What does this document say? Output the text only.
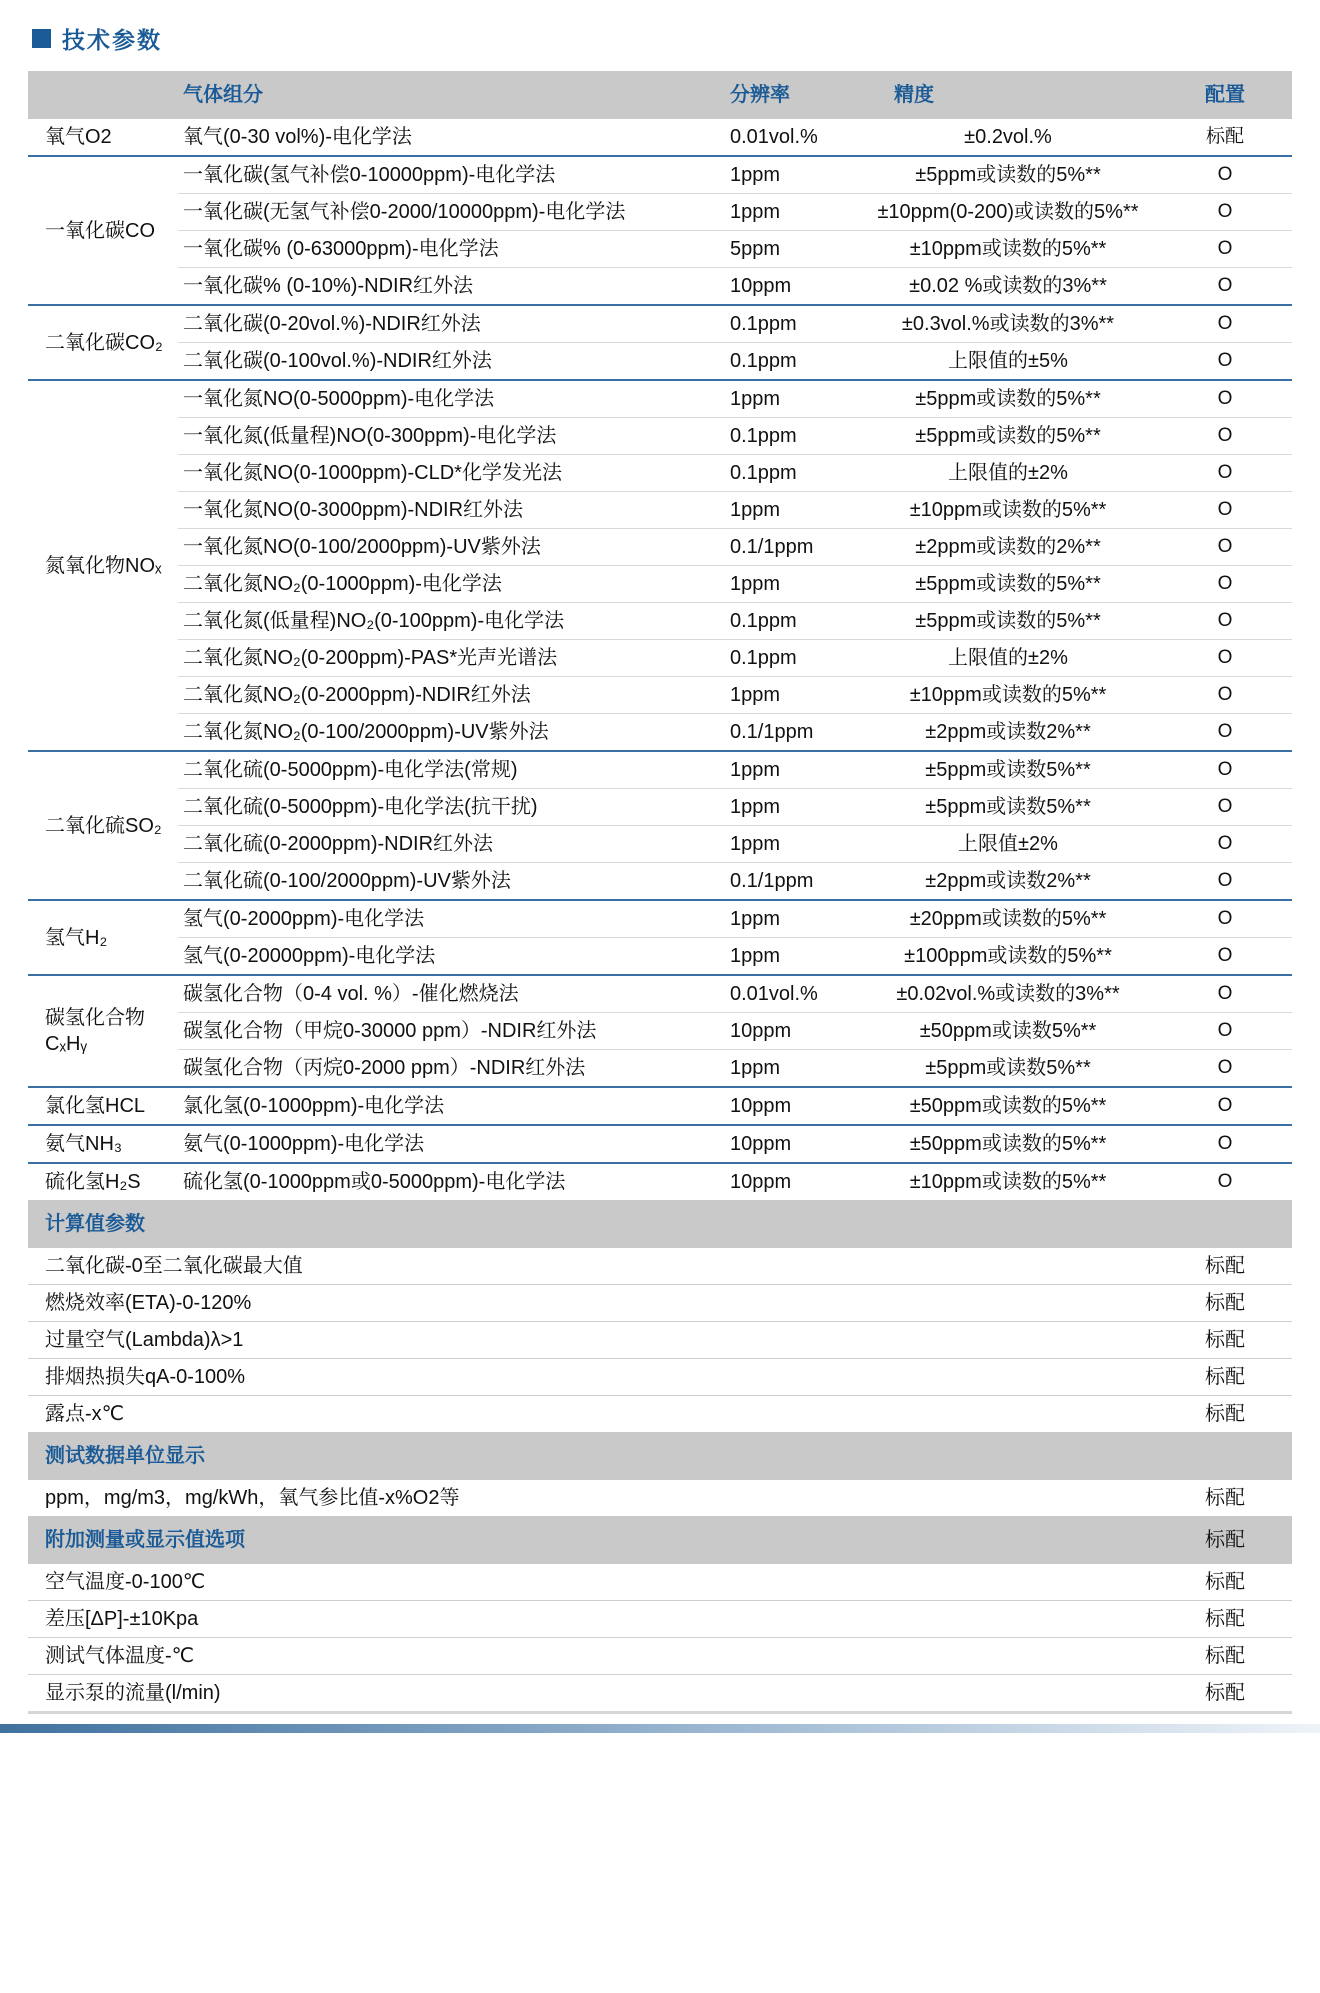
技术参数
气体组分	分辨率	精度	配置
氧气O2	氧气(0-30 vol%)-电化学法	0.01vol.%	±0.2vol.%	标配
一氧化碳CO
一氧化碳(氢气补偿0-10000ppm)-电化学法	1ppm	±5ppm或读数的5%**	O
一氧化碳(无氢气补偿0-2000/10000ppm)-电化学法	1ppm	±10ppm(0-200)或读数的5%**	O
一氧化碳% (0-63000ppm)-电化学法	5ppm	±10ppm或读数的5%**	O
一氧化碳% (0-10%)-NDIR红外法	10ppm	±0.02 %或读数的3%**	O
二氧化碳CO₂
二氧化碳(0-20vol.%)-NDIR红外法	0.1ppm	±0.3vol.%或读数的3%**	O
二氧化碳(0-100vol.%)-NDIR红外法	0.1ppm	上限值的±5%	O
氮氧化物NOₓ
一氧化氮NO(0-5000ppm)-电化学法	1ppm	±5ppm或读数的5%**	O
一氧化氮(低量程)NO(0-300ppm)-电化学法	0.1ppm	±5ppm或读数的5%**	O
一氧化氮NO(0-1000ppm)-CLD*化学发光法	0.1ppm	上限值的±2%	O
一氧化氮NO(0-3000ppm)-NDIR红外法	1ppm	±10ppm或读数的5%**	O
一氧化氮NO(0-100/2000ppm)-UV紫外法	0.1/1ppm	±2ppm或读数的2%**	O
二氧化氮NO₂(0-1000ppm)-电化学法	1ppm	±5ppm或读数的5%**	O
二氧化氮(低量程)NO₂(0-100ppm)-电化学法	0.1ppm	±5ppm或读数的5%**	O
二氧化氮NO₂(0-200ppm)-PAS*光声光谱法	0.1ppm	上限值的±2%	O
二氧化氮NO₂(0-2000ppm)-NDIR红外法	1ppm	±10ppm或读数的5%**	O
二氧化氮NO₂(0-100/2000ppm)-UV紫外法	0.1/1ppm	±2ppm或读数2%**	O
二氧化硫SO₂
二氧化硫(0-5000ppm)-电化学法(常规)	1ppm	±5ppm或读数5%**	O
二氧化硫(0-5000ppm)-电化学法(抗干扰)	1ppm	±5ppm或读数5%**	O
二氧化硫(0-2000ppm)-NDIR红外法	1ppm	上限值±2%	O
二氧化硫(0-100/2000ppm)-UV紫外法	0.1/1ppm	±2ppm或读数2%**	O
氢气H₂
氢气(0-2000ppm)-电化学法	1ppm	±20ppm或读数的5%**	O
氢气(0-20000ppm)-电化学法	1ppm	±100ppm或读数的5%**	O
碳氢化合物CₓHᵧ
碳氢化合物（0-4 vol. %）-催化燃烧法	0.01vol.%	±0.02vol.%或读数的3%**	O
碳氢化合物（甲烷0-30000 ppm）-NDIR红外法	10ppm	±50ppm或读数5%**	O
碳氢化合物（丙烷0-2000 ppm）-NDIR红外法	1ppm	±5ppm或读数5%**	O
氯化氢HCL	氯化氢(0-1000ppm)-电化学法	10ppm	±50ppm或读数的5%**	O
氨气NH₃	氨气(0-1000ppm)-电化学法	10ppm	±50ppm或读数的5%**	O
硫化氢H₂S	硫化氢(0-1000ppm或0-5000ppm)-电化学法	10ppm	±10ppm或读数的5%**	O
计算值参数
二氧化碳-0至二氧化碳最大值	标配
燃烧效率(ETA)-0-120%	标配
过量空气(Lambda)λ>1	标配
排烟热损失qA-0-100%	标配
露点-x℃	标配
测试数据单位显示
ppm，mg/m3，mg/kWh，氧气参比值-x%O2等	标配
附加测量或显示值选项	标配
空气温度-0-100℃	标配
差压[ΔP]-±10Kpa	标配
测试气体温度-℃	标配
显示泵的流量(l/min)	标配
